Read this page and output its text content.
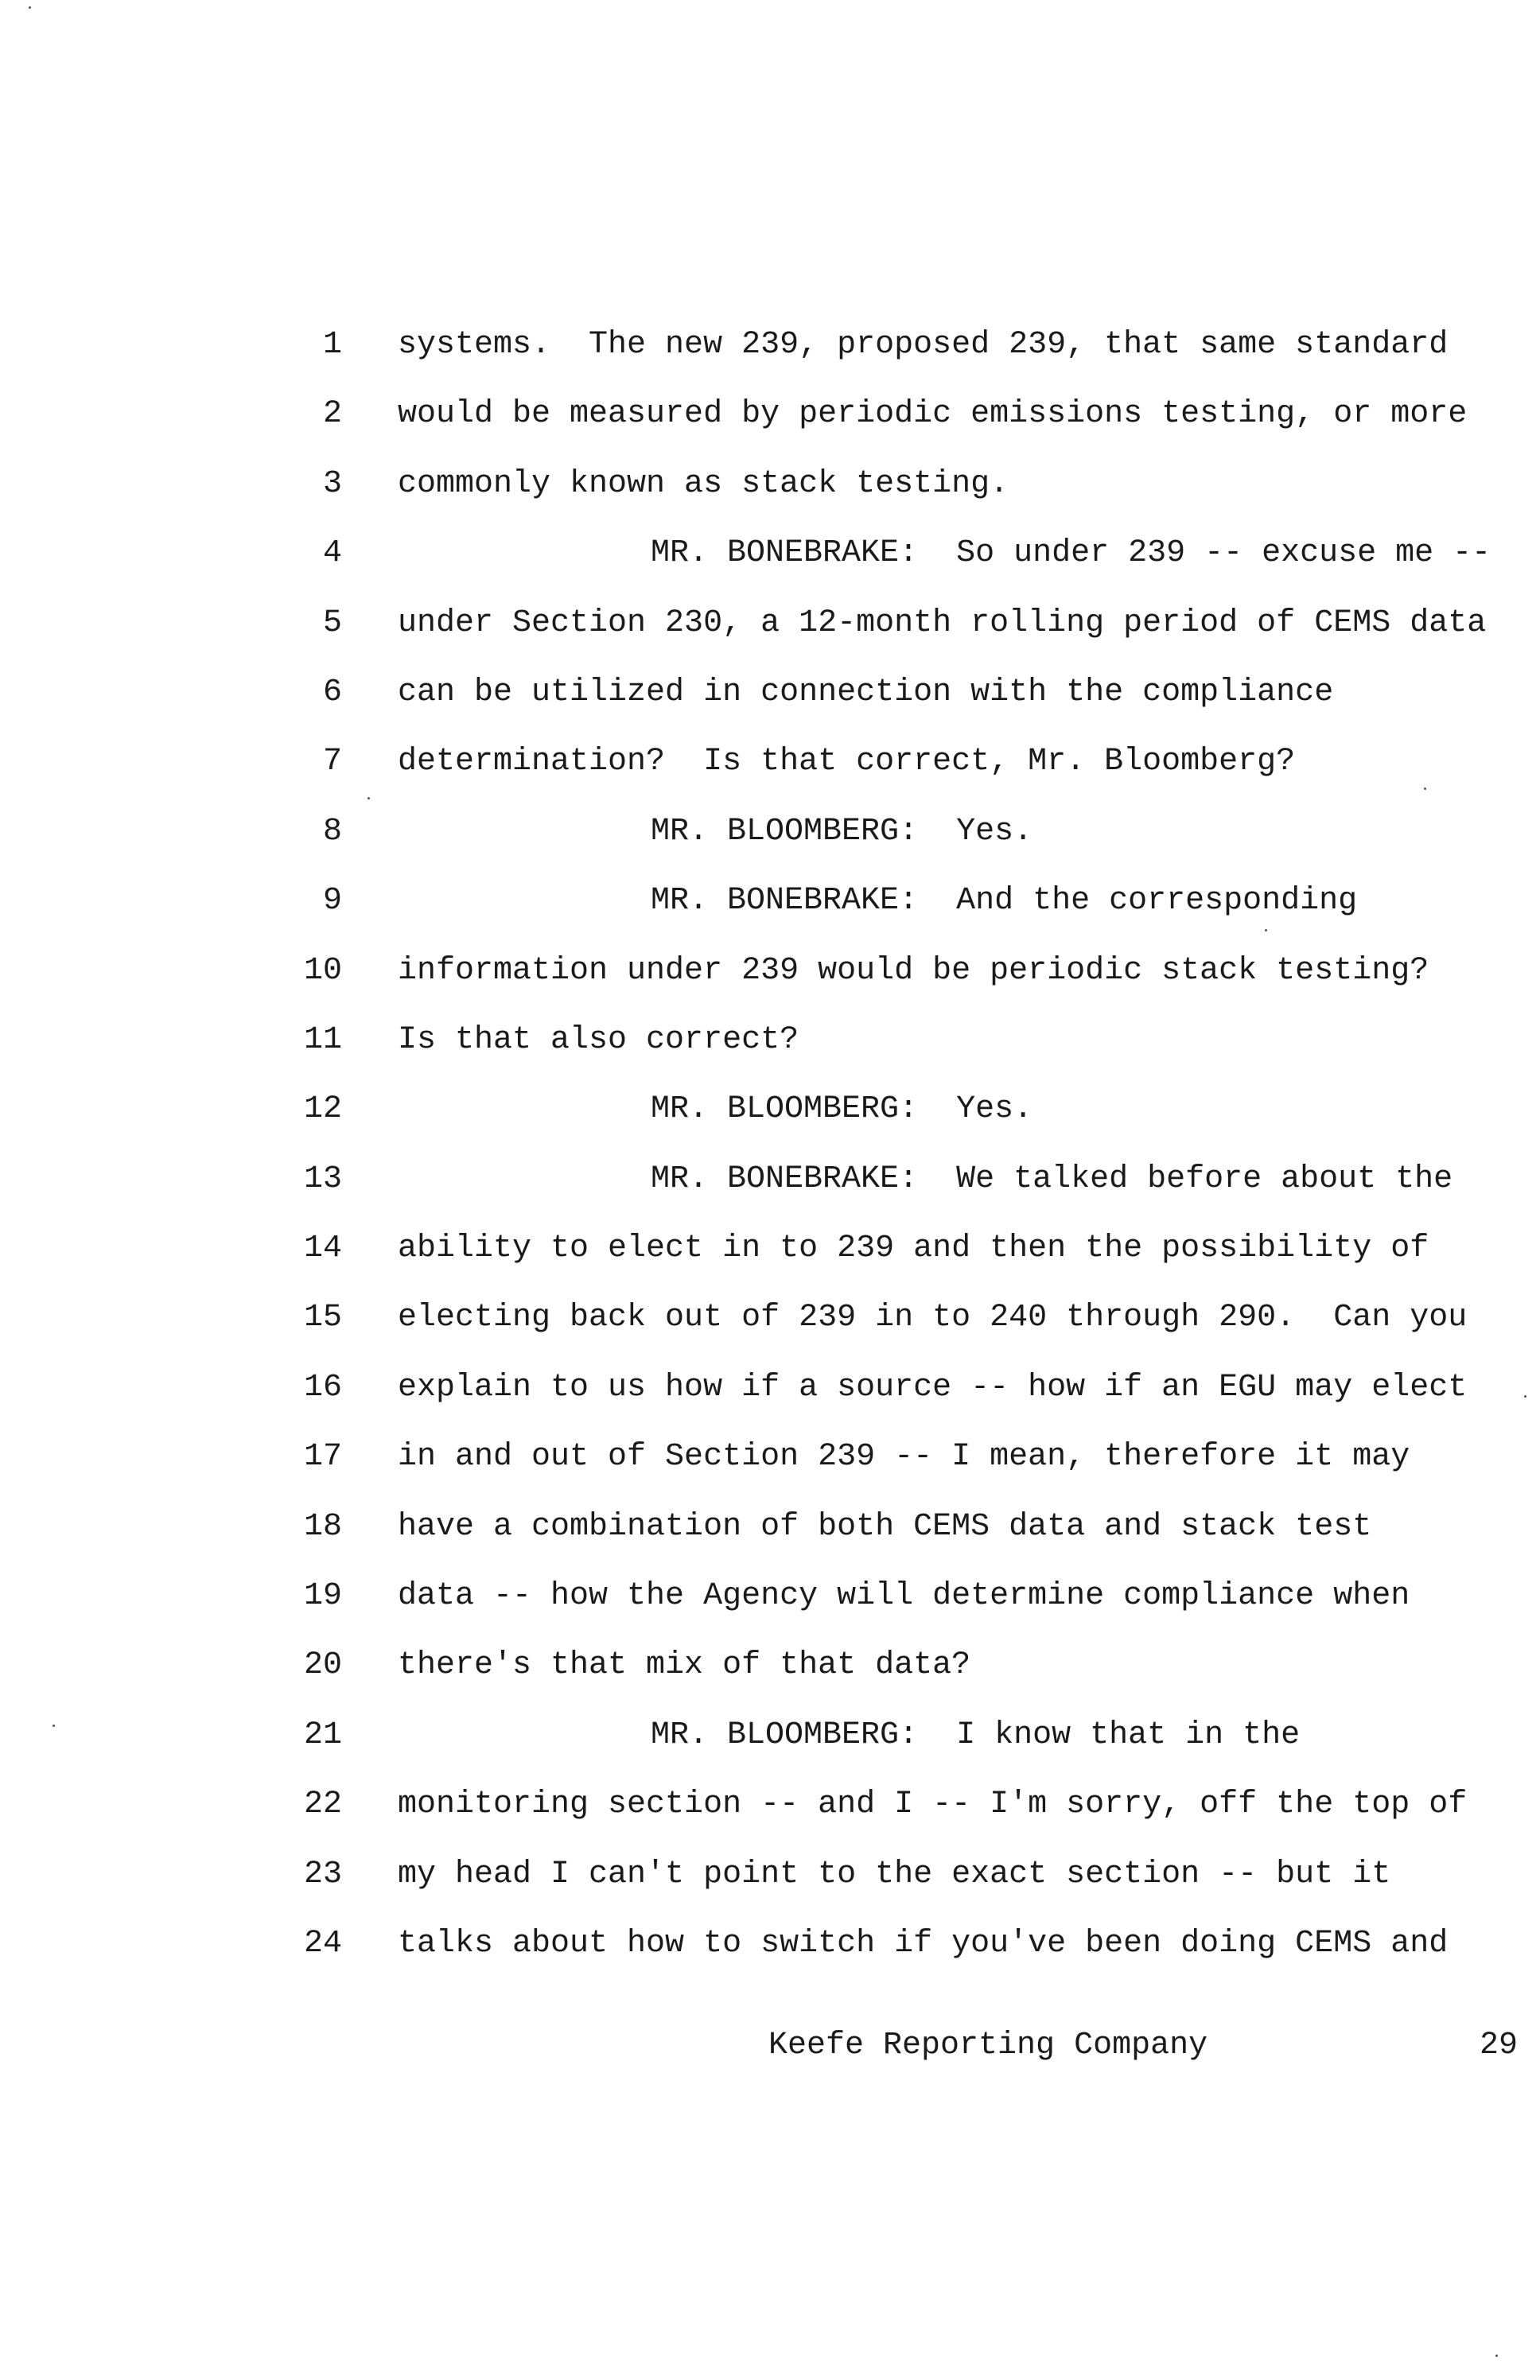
1 systems.  The new 239, proposed 239, that same standard
2 would be measured by periodic emissions testing, or more
3 commonly known as stack testing.
4	MR. BONEBRAKE:  So under 239 -- excuse me --
5 under Section 230, a 12-month rolling period of CEMS data
6 can be utilized in connection with the compliance
7 determination?  Is that correct, Mr. Bloomberg?
8	MR. BLOOMBERG:  Yes.
9	MR. BONEBRAKE:  And the corresponding
10 information under 239 would be periodic stack testing?
11 Is that also correct?
12	MR. BLOOMBERG:  Yes.
13	MR. BONEBRAKE:  We talked before about the
14 ability to elect in to 239 and then the possibility of
15 electing back out of 239 in to 240 through 290.  Can you
16 explain to us how if a source -- how if an EGU may elect
17 in and out of Section 239 -- I mean, therefore it may
18 have a combination of both CEMS data and stack test
19 data -- how the Agency will determine compliance when
20 there's that mix of that data?
21	MR. BLOOMBERG:  I know that in the
22 monitoring section -- and I -- I'm sorry, off the top of
23 my head I can't point to the exact section -- but it
24 talks about how to switch if you've been doing CEMS and
Keefe Reporting Company	29
